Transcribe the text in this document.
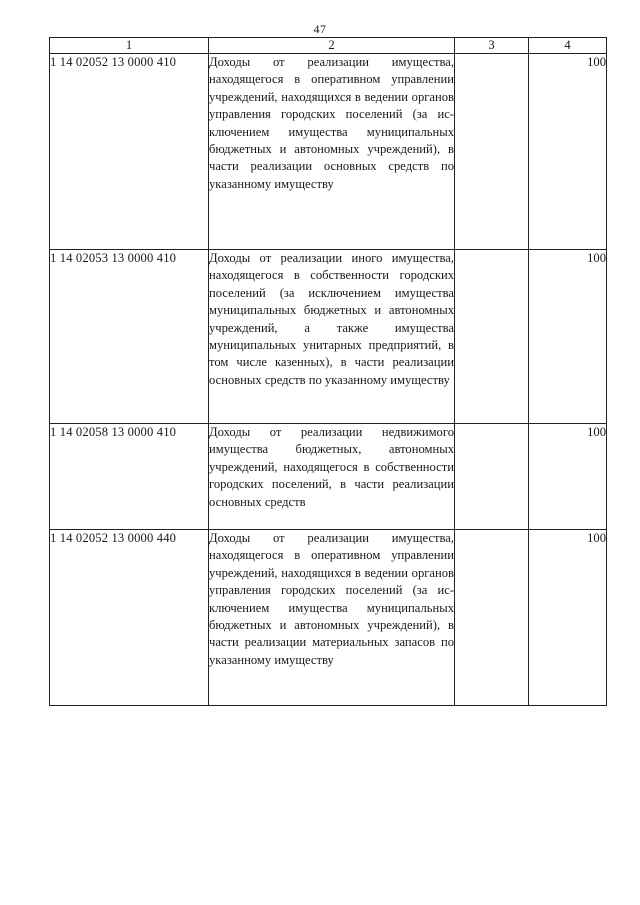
47
1	2	3	4
1 14 02052 13 0000 410	Доходы от реализации имущества, находящегося в оперативном управлении учреждений, находящихся в ведении органов управления городских поселений (за исключением имущества муниципальных бюджетных и автономных учреждений), в части реализации основных средств по указанному имуществу		100
1 14 02053 13 0000 410	Доходы от реализации иного имущества, находящегося в собственности городских поселений (за исключением имущества муниципальных бюджетных и автономных учреждений, а также имущества муниципальных унитарных предприятий, в том числе казенных), в части реализации основных средств по указанному имуществу		100
1 14 02058 13 0000 410	Доходы от реализации недвижимого имущества бюджетных, автономных учреждений, находящегося в собственности городских поселений, в части реализации основных средств		100
1 14 02052 13 0000 440	Доходы от реализации имущества, находящегося в оперативном управлении учреждений, находящихся в ведении органов управления городских поселений (за исключением имущества муниципальных бюджетных и автономных учреждений), в части реализации материальных запасов по указанному имуществу		100
